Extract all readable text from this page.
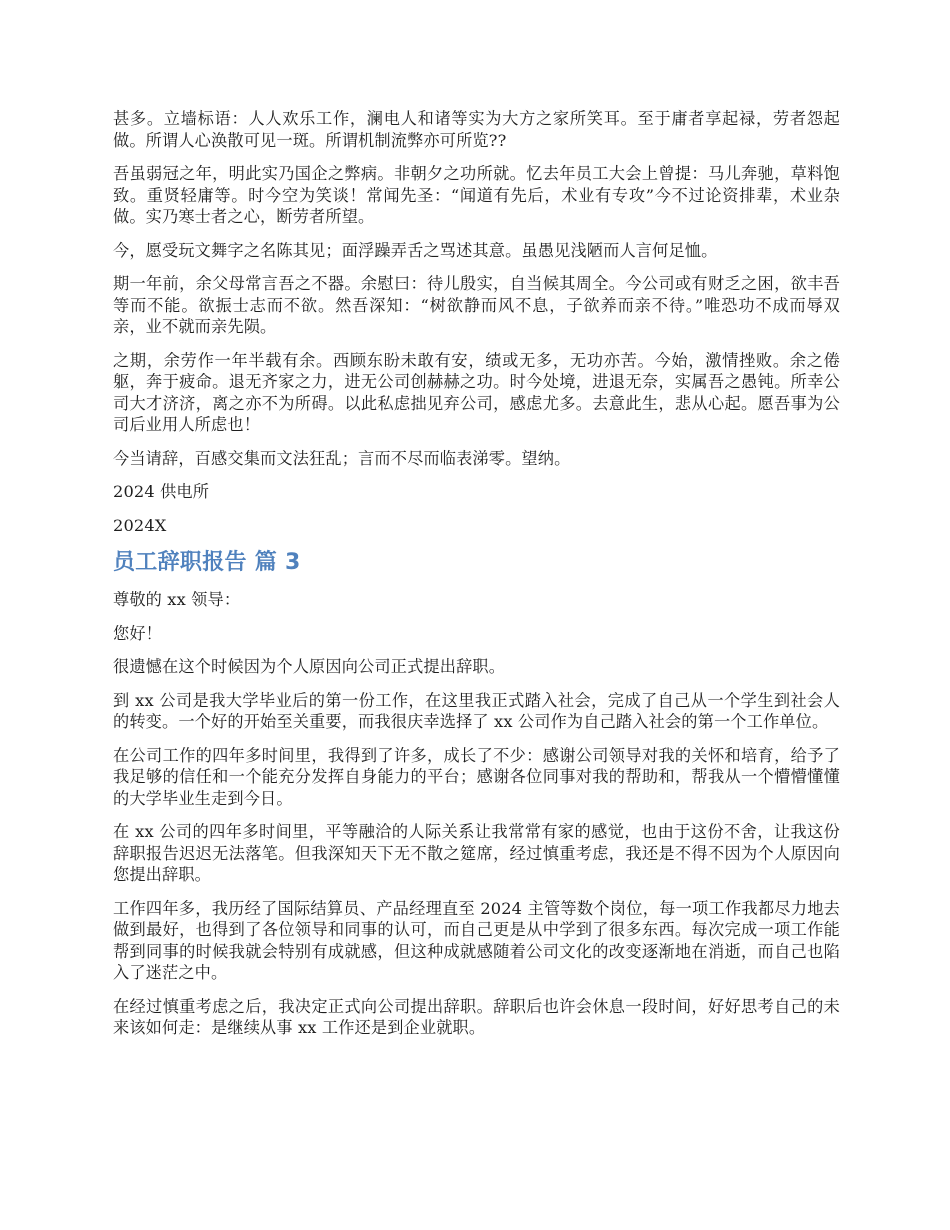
甚多。立墙标语：人人欢乐工作，澜电人和诸等实为大方之家所笑耳。至于庸者享起禄，劳者怨起做。所谓人心涣散可见一斑。所谓机制流弊亦可所览??

吾虽弱冠之年，明此实乃国企之弊病。非朝夕之功所就。忆去年员工大会上曾提：马儿奔驰，草料饱致。重贤轻庸等。时今空为笑谈！常闻先圣：“闻道有先后，术业有专攻”今不过论资排辈，术业杂做。实乃寒士者之心，断劳者所望。

今，愿受玩文舞字之名陈其见；面浮躁弄舌之骂述其意。虽愚见浅陋而人言何足恤。

期一年前，余父母常言吾之不器。余慰曰：待儿殷实，自当候其周全。今公司或有财乏之困，欲丰吾等而不能。欲振士志而不欲。然吾深知：“树欲静而风不息，子欲养而亲不待。”唯恐功不成而辱双亲，业不就而亲先陨。

之期，余劳作一年半载有余。西顾东盼未敢有安，绩或无多，无功亦苦。今始，激情挫败。余之倦躯，奔于疲命。退无齐家之力，进无公司创赫赫之功。时今处境，进退无奈，实属吾之愚钝。所幸公司大才济济，离之亦不为所碍。以此私虑拙见弃公司，感虑尤多。去意此生，悲从心起。愿吾事为公司后业用人所虑也！

今当请辞，百感交集而文法狂乱；言而不尽而临表涕零。望纳。

2024 供电所

2024X

员工辞职报告 篇 3

尊敬的 xx 领导：

您好！

很遗憾在这个时候因为个人原因向公司正式提出辞职。

到 xx 公司是我大学毕业后的第一份工作，在这里我正式踏入社会，完成了自己从一个学生到社会人的转变。一个好的开始至关重要，而我很庆幸选择了 xx 公司作为自己踏入社会的第一个工作单位。

在公司工作的四年多时间里，我得到了许多，成长了不少：感谢公司领导对我的关怀和培育，给予了我足够的信任和一个能充分发挥自身能力的平台；感谢各位同事对我的帮助和，帮我从一个懵懵懂懂的大学毕业生走到今日。

在 xx 公司的四年多时间里，平等融洽的人际关系让我常常有家的感觉，也由于这份不舍，让我这份辞职报告迟迟无法落笔。但我深知天下无不散之筵席，经过慎重考虑，我还是不得不因为个人原因向您提出辞职。

工作四年多，我历经了国际结算员、产品经理直至 2024 主管等数个岗位，每一项工作我都尽力地去做到最好，也得到了各位领导和同事的认可，而自己更是从中学到了很多东西。每次完成一项工作能帮到同事的时候我就会特别有成就感，但这种成就感随着公司文化的改变逐渐地在消逝，而自己也陷入了迷茫之中。

在经过慎重考虑之后，我决定正式向公司提出辞职。辞职后也许会休息一段时间，好好思考自己的未来该如何走：是继续从事 xx 工作还是到企业就职。
